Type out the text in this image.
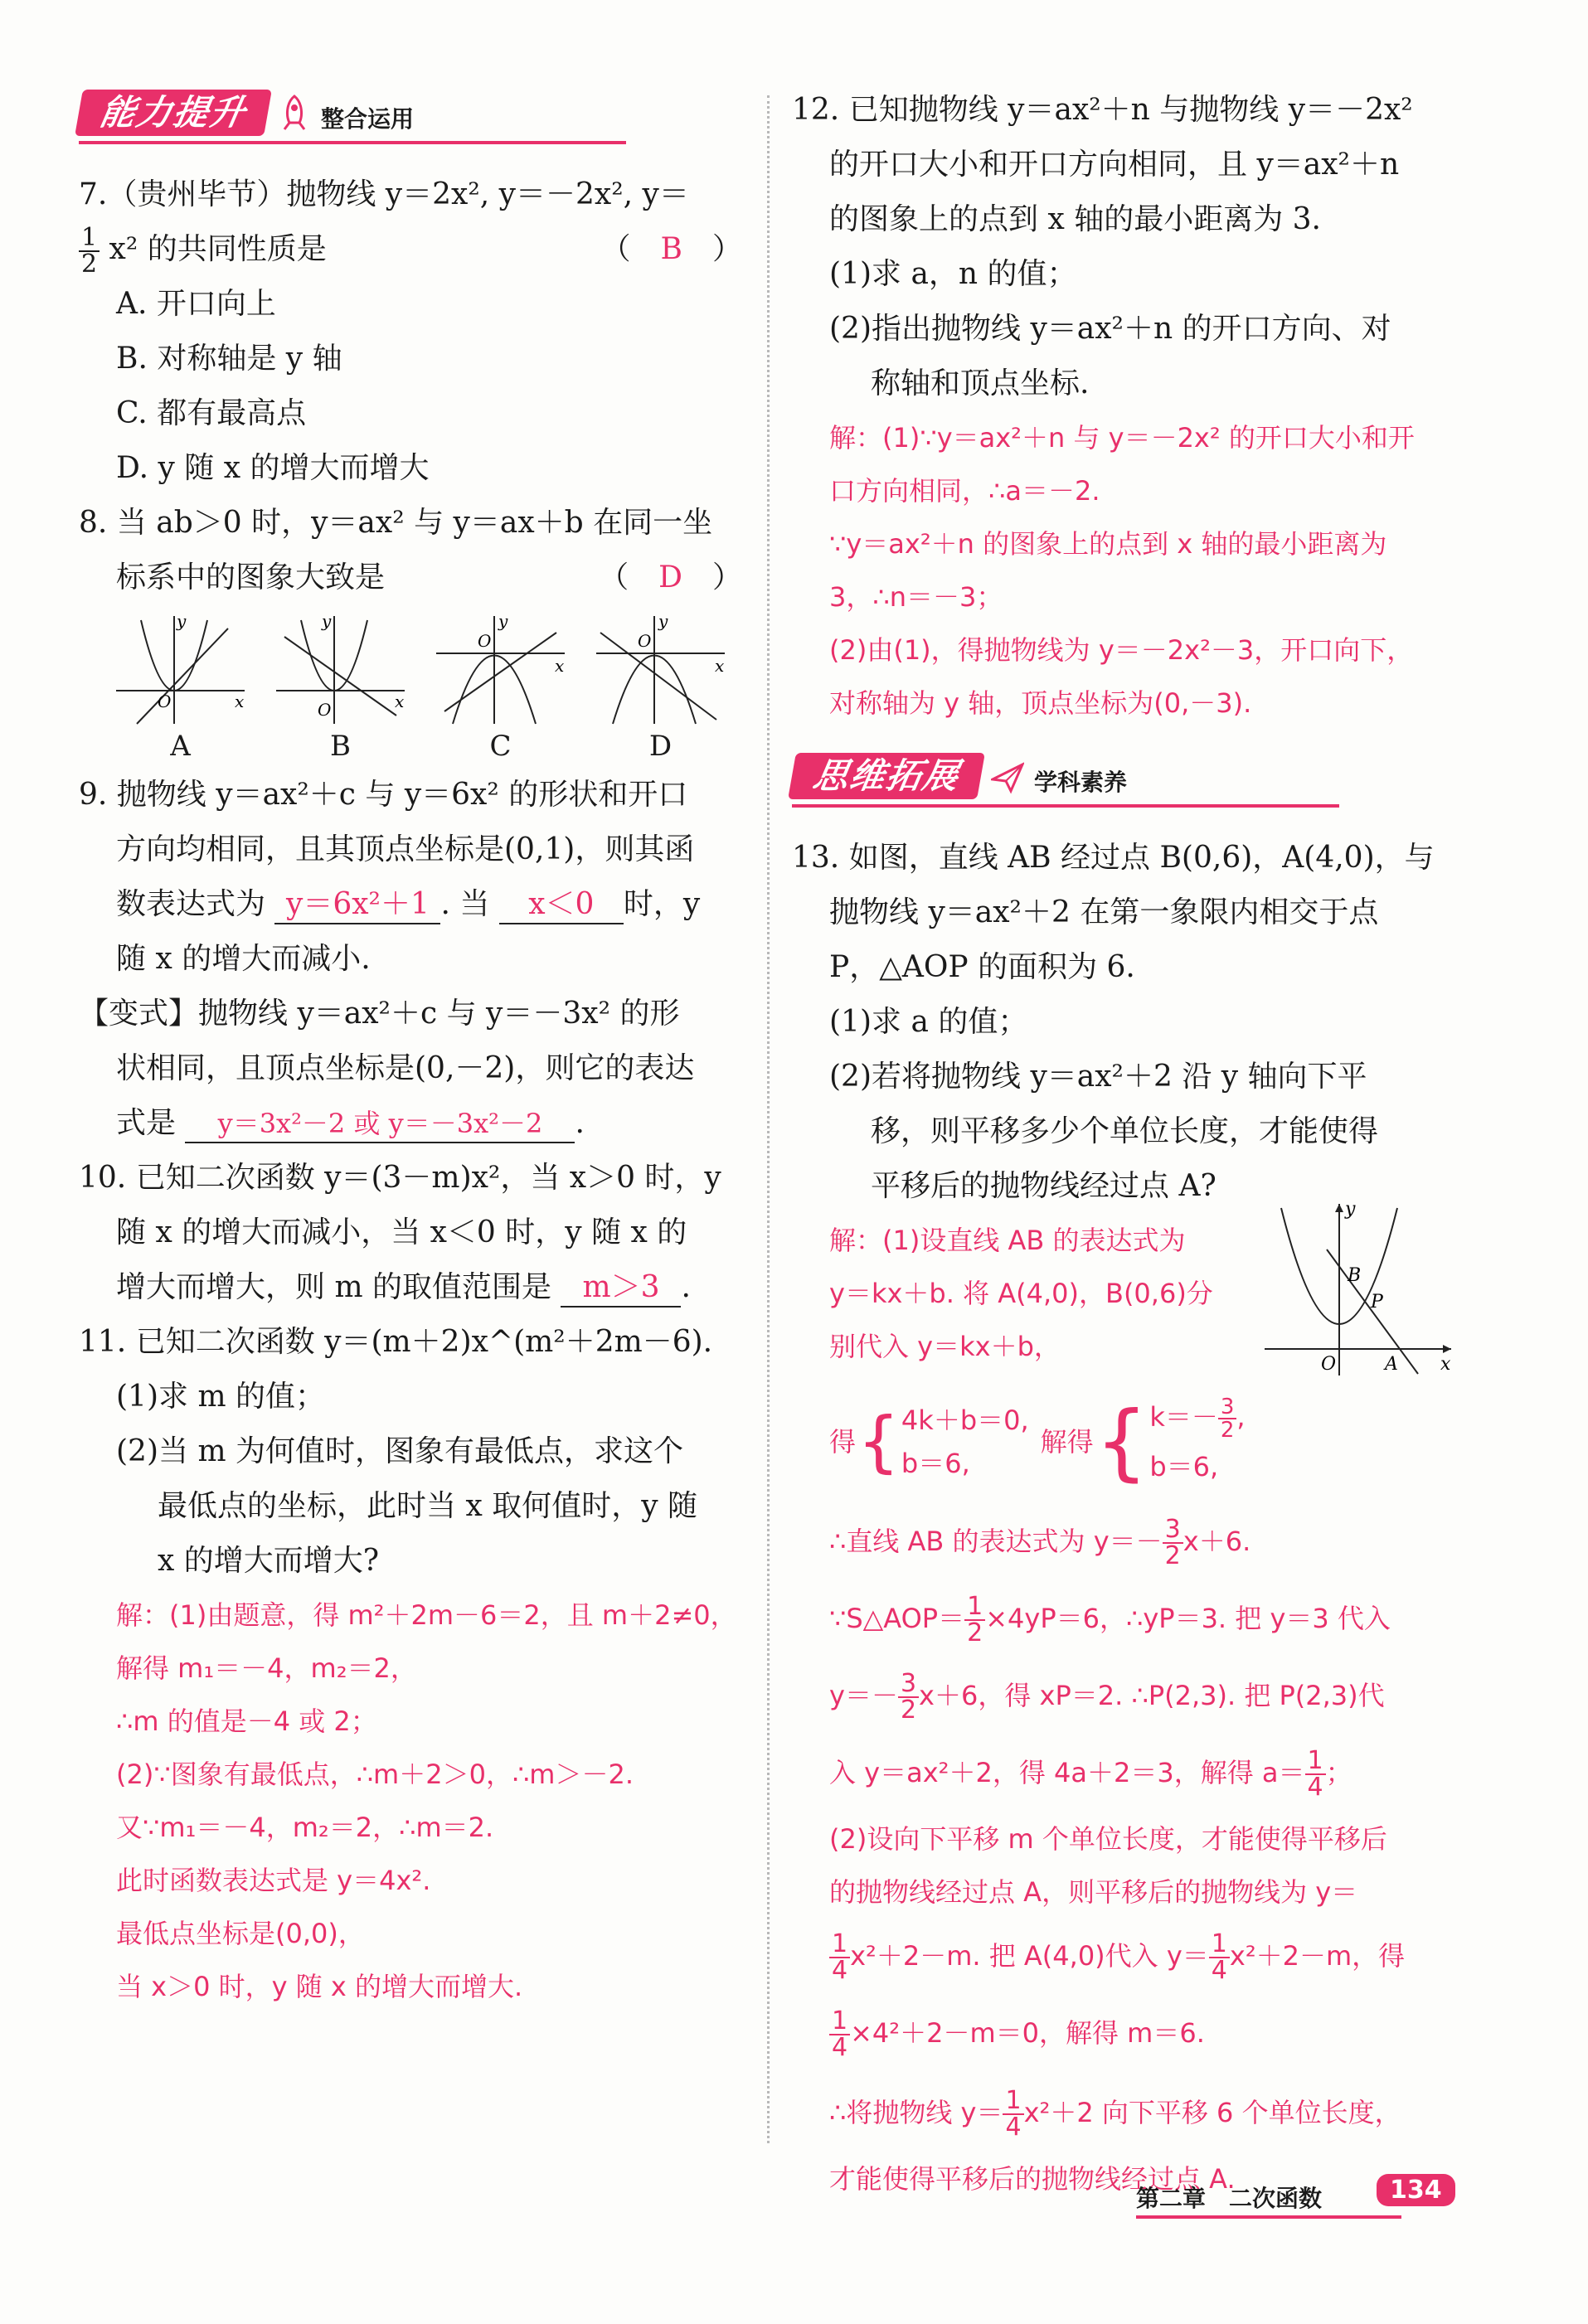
能力提升	整合运用

7.（贵州毕节）抛物线 y＝2x², y＝－2x², y＝

$\frac{1}{2} x^2$ 的共同性质是	（　 B　 ）

A. 开口向上

B. 对称轴是 y 轴

C. 都有最高点

D. y 随 x 的增大而增大

8. 当 ab＞0 时，y＝ax² 与 y＝ax＋b 在同一坐

标系中的图象大致是	（　D　）

y
O	x
A
y
O	x
B
y
O
x
C
y
O
x
D

9. 抛物线 y＝ax²＋c 与 y＝6x² 的形状和开口

方向均相同，且其顶点坐标是(0,1)，则其函

数表达式为 y＝6x²＋1 . 当 x＜0 时，y

随 x 的增大而减小.

【变式】抛物线 y＝ax²＋c 与 y＝－3x² 的形

状相同，且顶点坐标是(0,－2)，则它的表达

式是 y＝3x²－2 或 y＝－3x²－2 .

10. 已知二次函数 y＝(3－m)x²，当 x＞0 时，y

随 x 的增大而减小，当 x＜0 时，y 随 x 的

增大而增大，则 m 的取值范围是 m＞3 .

11. 已知二次函数 y＝(m＋2)x^(m²＋2m－6).

(1)求 m 的值；

(2)当 m 为何值时，图象有最低点，求这个

最低点的坐标，此时当 x 取何值时，y 随

x 的增大而增大?

解：(1)由题意，得 m²＋2m－6＝2，且 m＋2≠0，

解得 m₁＝－4，m₂＝2，

∴m 的值是－4 或 2；

(2)∵图象有最低点，∴m＋2＞0，∴m＞－2.

又∵m₁＝－4，m₂＝2，∴m＝2.

此时函数表达式是 y＝4x².

最低点坐标是(0,0)，

当 x＞0 时，y 随 x 的增大而增大.

12. 已知抛物线 y＝ax²＋n 与抛物线 y＝－2x²

的开口大小和开口方向相同，且 y＝ax²＋n

的图象上的点到 x 轴的最小距离为 3.

(1)求 a，n 的值；

(2)指出抛物线 y＝ax²＋n 的开口方向、对

称轴和顶点坐标.

解：(1)∵y＝ax²＋n 与 y＝－2x² 的开口大小和开

口方向相同，∴a＝－2.

∵y＝ax²＋n 的图象上的点到 x 轴的最小距离为

3，∴n＝－3；

(2)由(1)，得抛物线为 y＝－2x²－3，开口向下，

对称轴为 y 轴，顶点坐标为(0,－3).

思维拓展	学科素养

13. 如图，直线 AB 经过点 B(0,6)，A(4,0)，与

抛物线 y＝ax²＋2 在第一象限内相交于点

P，△AOP 的面积为 6.

(1)求 a 的值；

(2)若将抛物线 y＝ax²＋2 沿 y 轴向下平

移，则平移多少个单位长度，才能使得

平移后的抛物线经过点 A?

y
x
O	A
B
P

解：(1)设直线 AB 的表达式为

y＝kx＋b. 将 A(4,0)，B(0,6)分

别代入 y＝kx＋b，

得 { 4k＋b＝0,
b＝6,
解得 { $k=- \frac{3}{2}$ ,
b＝6,

∴直线 AB 的表达式为 $y=- \frac{3}{2} x+6$.

∵S△AOP＝ $\frac{1}{2} \times 4yP=6$，∴yP＝3. 把 y＝3 代入

$y=- \frac{3}{2} x+6$，得 xP＝2. ∴P(2,3). 把 P(2,3)代

入 y＝ax²＋2，得 4a＋2＝3，解得 $a= \frac{1}{4}$ ；

(2)设向下平移 m 个单位长度，才能使得平移后

的抛物线经过点 A，则平移后的抛物线为 y＝

$\frac{1}{4} x^2+2-m$. 把 A(4,0)代入 $y= \frac{1}{4} x^2+2-m$，得

$\frac{1}{4} \times 4^2+2-m=0$，解得 m＝6.

∴将抛物线 $y= \frac{1}{4} x^2+2$ 向下平移 6 个单位长度，

才能使得平移后的抛物线经过点 A.

第二章　二次函数	134
